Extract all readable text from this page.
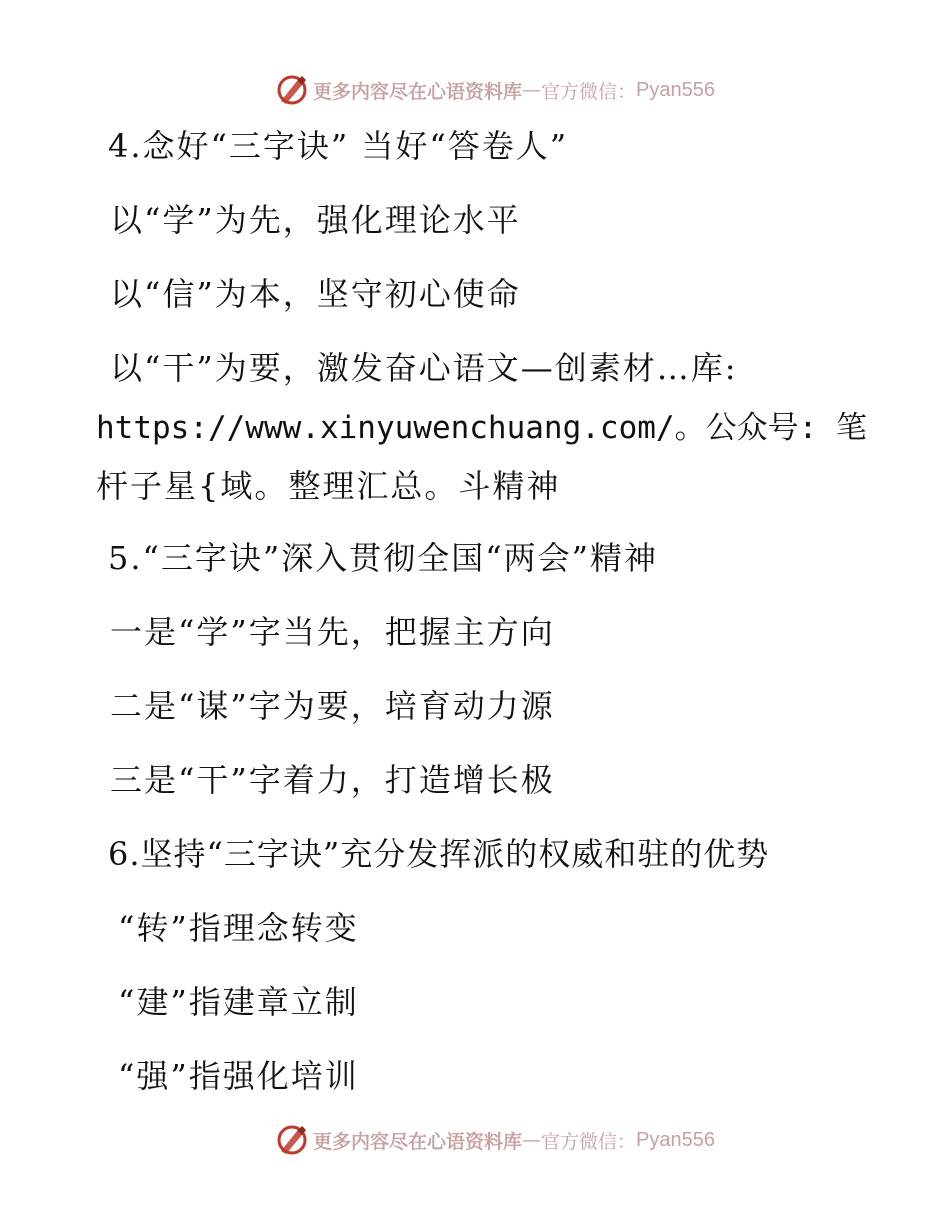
更多内容尽在心语资料库 — 官方微信： Pyan556
4.念好“三字诀” 当好“答卷人”
以“学”为先，强化理论水平
以“信”为本，坚守初心使命
以“干”为要，激发奋心语文—创素材…库:
https://www.xinyuwenchuang.com/。公众号: 笔
杆子星{域。整理汇总。斗精神
5.“三字诀”深入贯彻全国“两会”精神
一是“学”字当先，把握主方向
二是“谋”字为要，培育动力源
三是“干”字着力，打造增长极
6.坚持“三字诀”充分发挥派的权威和驻的优势
“转”指理念转变
“建”指建章立制
“强”指强化培训
更多内容尽在心语资料库 — 官方微信： Pyan556
